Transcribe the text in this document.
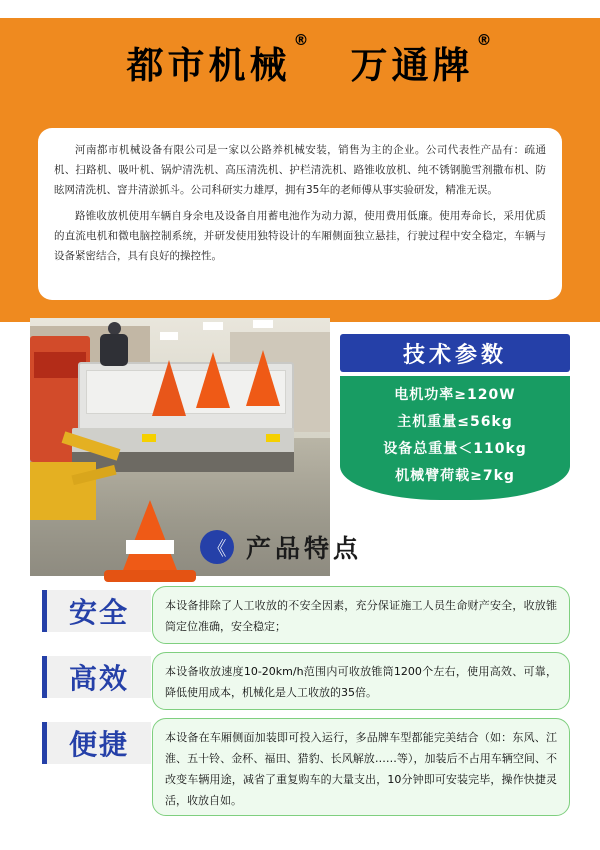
都市机械
®
万通牌
®

河南都市机械设备有限公司是一家以公路养机械安装，销售为主的企业。公司代表性产品有：疏通机、扫路机、吸叶机、锅炉清洗机、高压清洗机、护栏清洗机、路锥收放机、纯不锈钢脆雪剂撒布机、防眩网清洗机、窨井清淤抓斗。公司科研实力雄厚，拥有35年的老师傅从事实验研发，精准无误。

路锥收放机使用车辆自身余电及设备自用蓄电池作为动力源，使用费用低廉。使用寿命长，采用优质的直流电机和微电脑控制系统，并研发使用独特设计的车厢侧面独立悬挂，行驶过程中安全稳定，车辆与设备紧密结合，具有良好的操控性。

技术参数
电机功率≥120W
主机重量≤56kg
设备总重量＜110kg
机械臂荷载≥7kg
《 产品特点
安全	本设备排除了人工收放的不安全因素，充分保证施工人员生命财产安全，收放锥筒定位准确，安全稳定；

高效	本设备收放速度10-20km/h范围内可收放锥筒1200个左右，使用高效、可靠，降低使用成本，机械化是人工收放的35倍。

便捷	本设备在车厢侧面加装即可投入运行，多品牌车型都能完美结合（如：东风、江淮、五十铃、金杯、福田、猎豹、长风解放……等），加装后不占用车辆空间、不改变车辆用途，减省了重复购车的大量支出，10分钟即可安装完毕，操作快捷灵活，收放自如。
